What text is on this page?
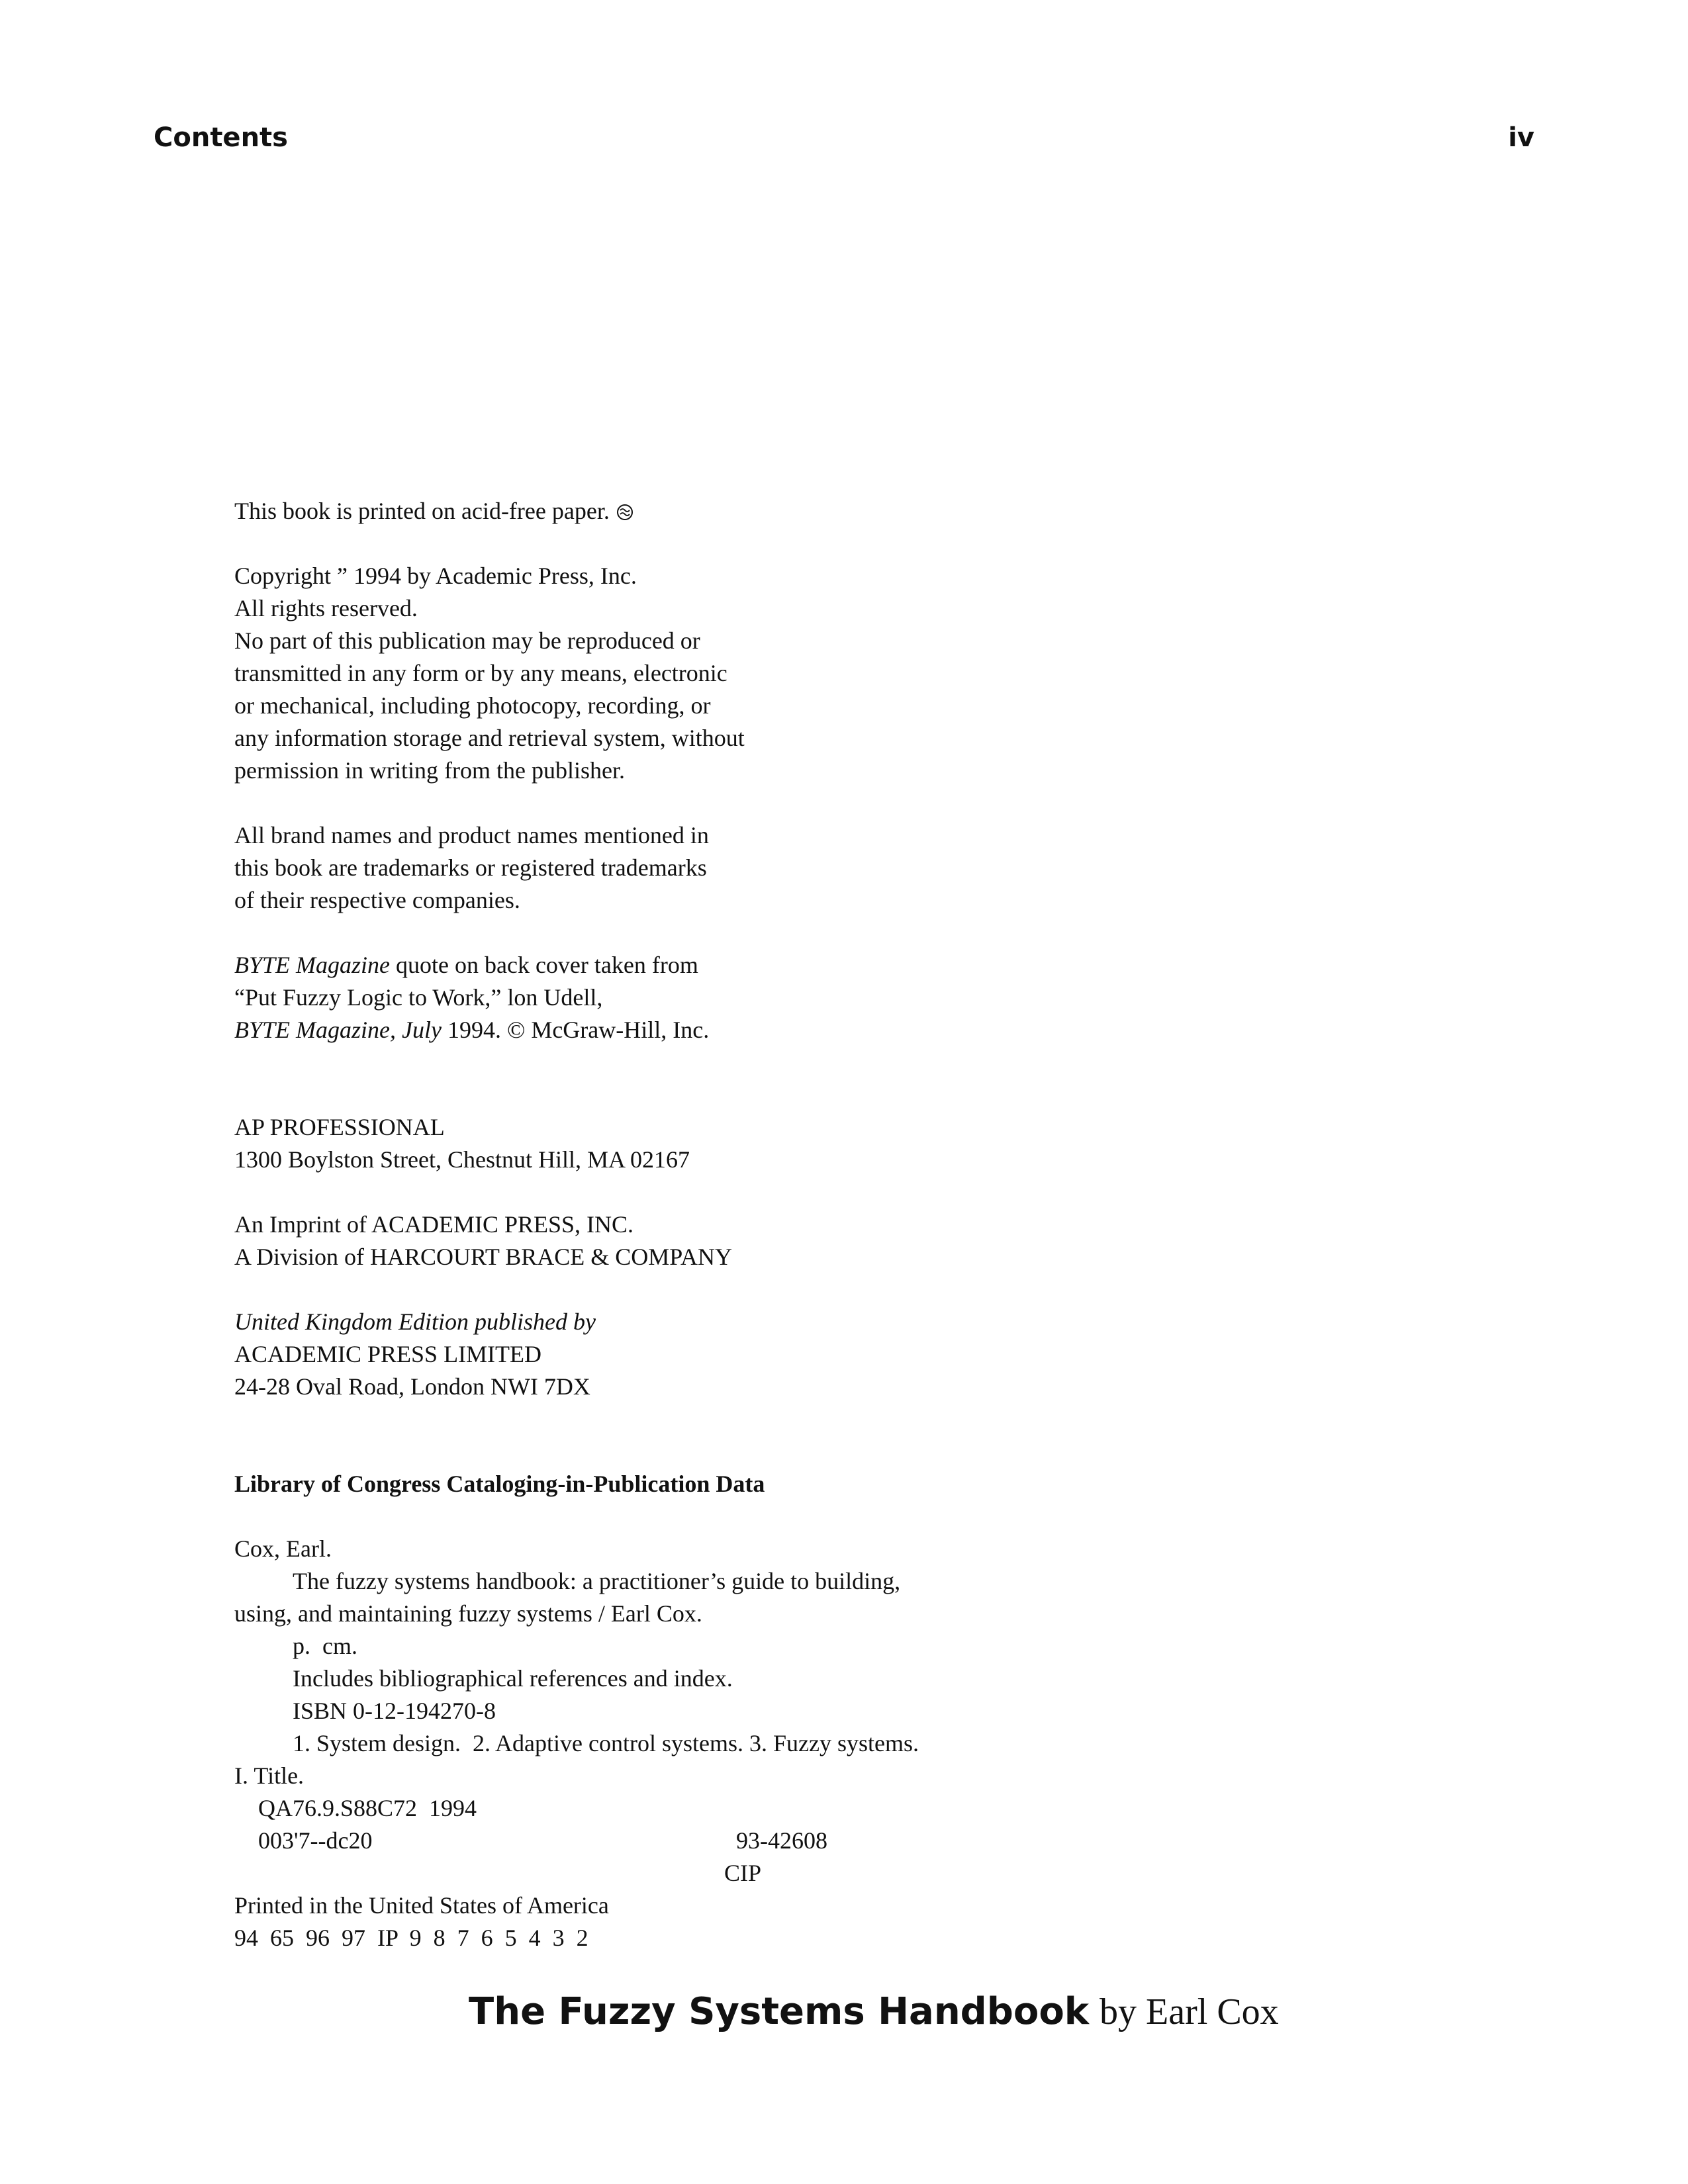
Contents	iv
This book is printed on acid-free paper.
Copyright ” 1994 by Academic Press, Inc.
All rights reserved.
No part of this publication may be reproduced or
transmitted in any form or by any means, electronic
or mechanical, including photocopy, recording, or
any information storage and retrieval system, without
permission in writing from the publisher.
All brand names and product names mentioned in
this book are trademarks or registered trademarks
of their respective companies.
BYTE Magazine quote on back cover taken from
“Put Fuzzy Logic to Work,” lon Udell,
BYTE Magazine, July 1994. © McGraw-Hill, Inc.
AP PROFESSIONAL
1300 Boylston Street, Chestnut Hill, MA 02167
An Imprint of ACADEMIC PRESS, INC.
A Division of HARCOURT BRACE & COMPANY
United Kingdom Edition published by
ACADEMIC PRESS LIMITED
24-28 Oval Road, London NWI 7DX
Library of Congress Cataloging-in-Publication Data
Cox, Earl.
The fuzzy systems handbook: a practitioner’s guide to building,
using, and maintaining fuzzy systems / Earl Cox.
p.  cm.
Includes bibliographical references and index.
ISBN 0-12-194270-8
1. System design.  2. Adaptive control systems. 3. Fuzzy systems.
I. Title.
QA76.9.S88C72  1994
003'7--dc20	93-42608
CIP
Printed in the United States of America
94  65  96  97  IP  9  8  7  6  5  4  3  2
The Fuzzy Systems Handbook by Earl Cox
